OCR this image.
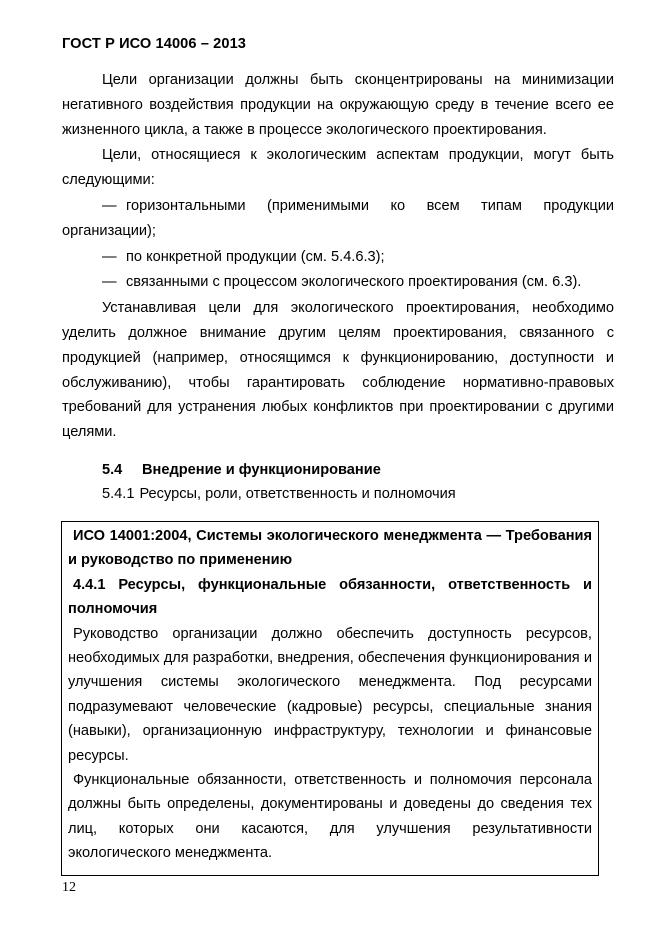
ГОСТ Р ИСО 14006 – 2013

Цели организации должны быть сконцентрированы на минимизации негативного воздействия продукции на окружающую среду в течение всего ее жизненного цикла, а также в процессе экологического проектирования.

Цели, относящиеся к экологическим аспектам продукции, могут быть следующими:

— горизонтальными (применимыми ко всем типам продукции организации);
— по конкретной продукции (см. 5.4.6.3);
— связанными с процессом экологического проектирования (см. 6.3).

Устанавливая цели для экологического проектирования, необходимо уделить должное внимание другим целям проектирования, связанного с продукцией (например, относящимся к функционированию, доступности и обслуживанию), чтобы гарантировать соблюдение нормативно-правовых требований для устранения любых конфликтов при проектировании с другими целями.

5.4 Внедрение и функционирование
5.4.1 Ресурсы, роли, ответственность и полномочия

ИСО 14001:2004, Системы экологического менеджмента — Требования и руководство по применению

4.4.1 Ресурсы, функциональные обязанности, ответственность и полномочия

Руководство организации должно обеспечить доступность ресурсов, необходимых для разработки, внедрения, обеспечения функционирования и улучшения системы экологического менеджмента. Под ресурсами подразумевают человеческие (кадровые) ресурсы, специальные знания (навыки), организационную инфраструктуру, технологии и финансовые ресурсы.

Функциональные обязанности, ответственность и полномочия персонала должны быть определены, документированы и доведены до сведения тех лиц, которых они касаются, для улучшения результативности экологического менеджмента.

12
